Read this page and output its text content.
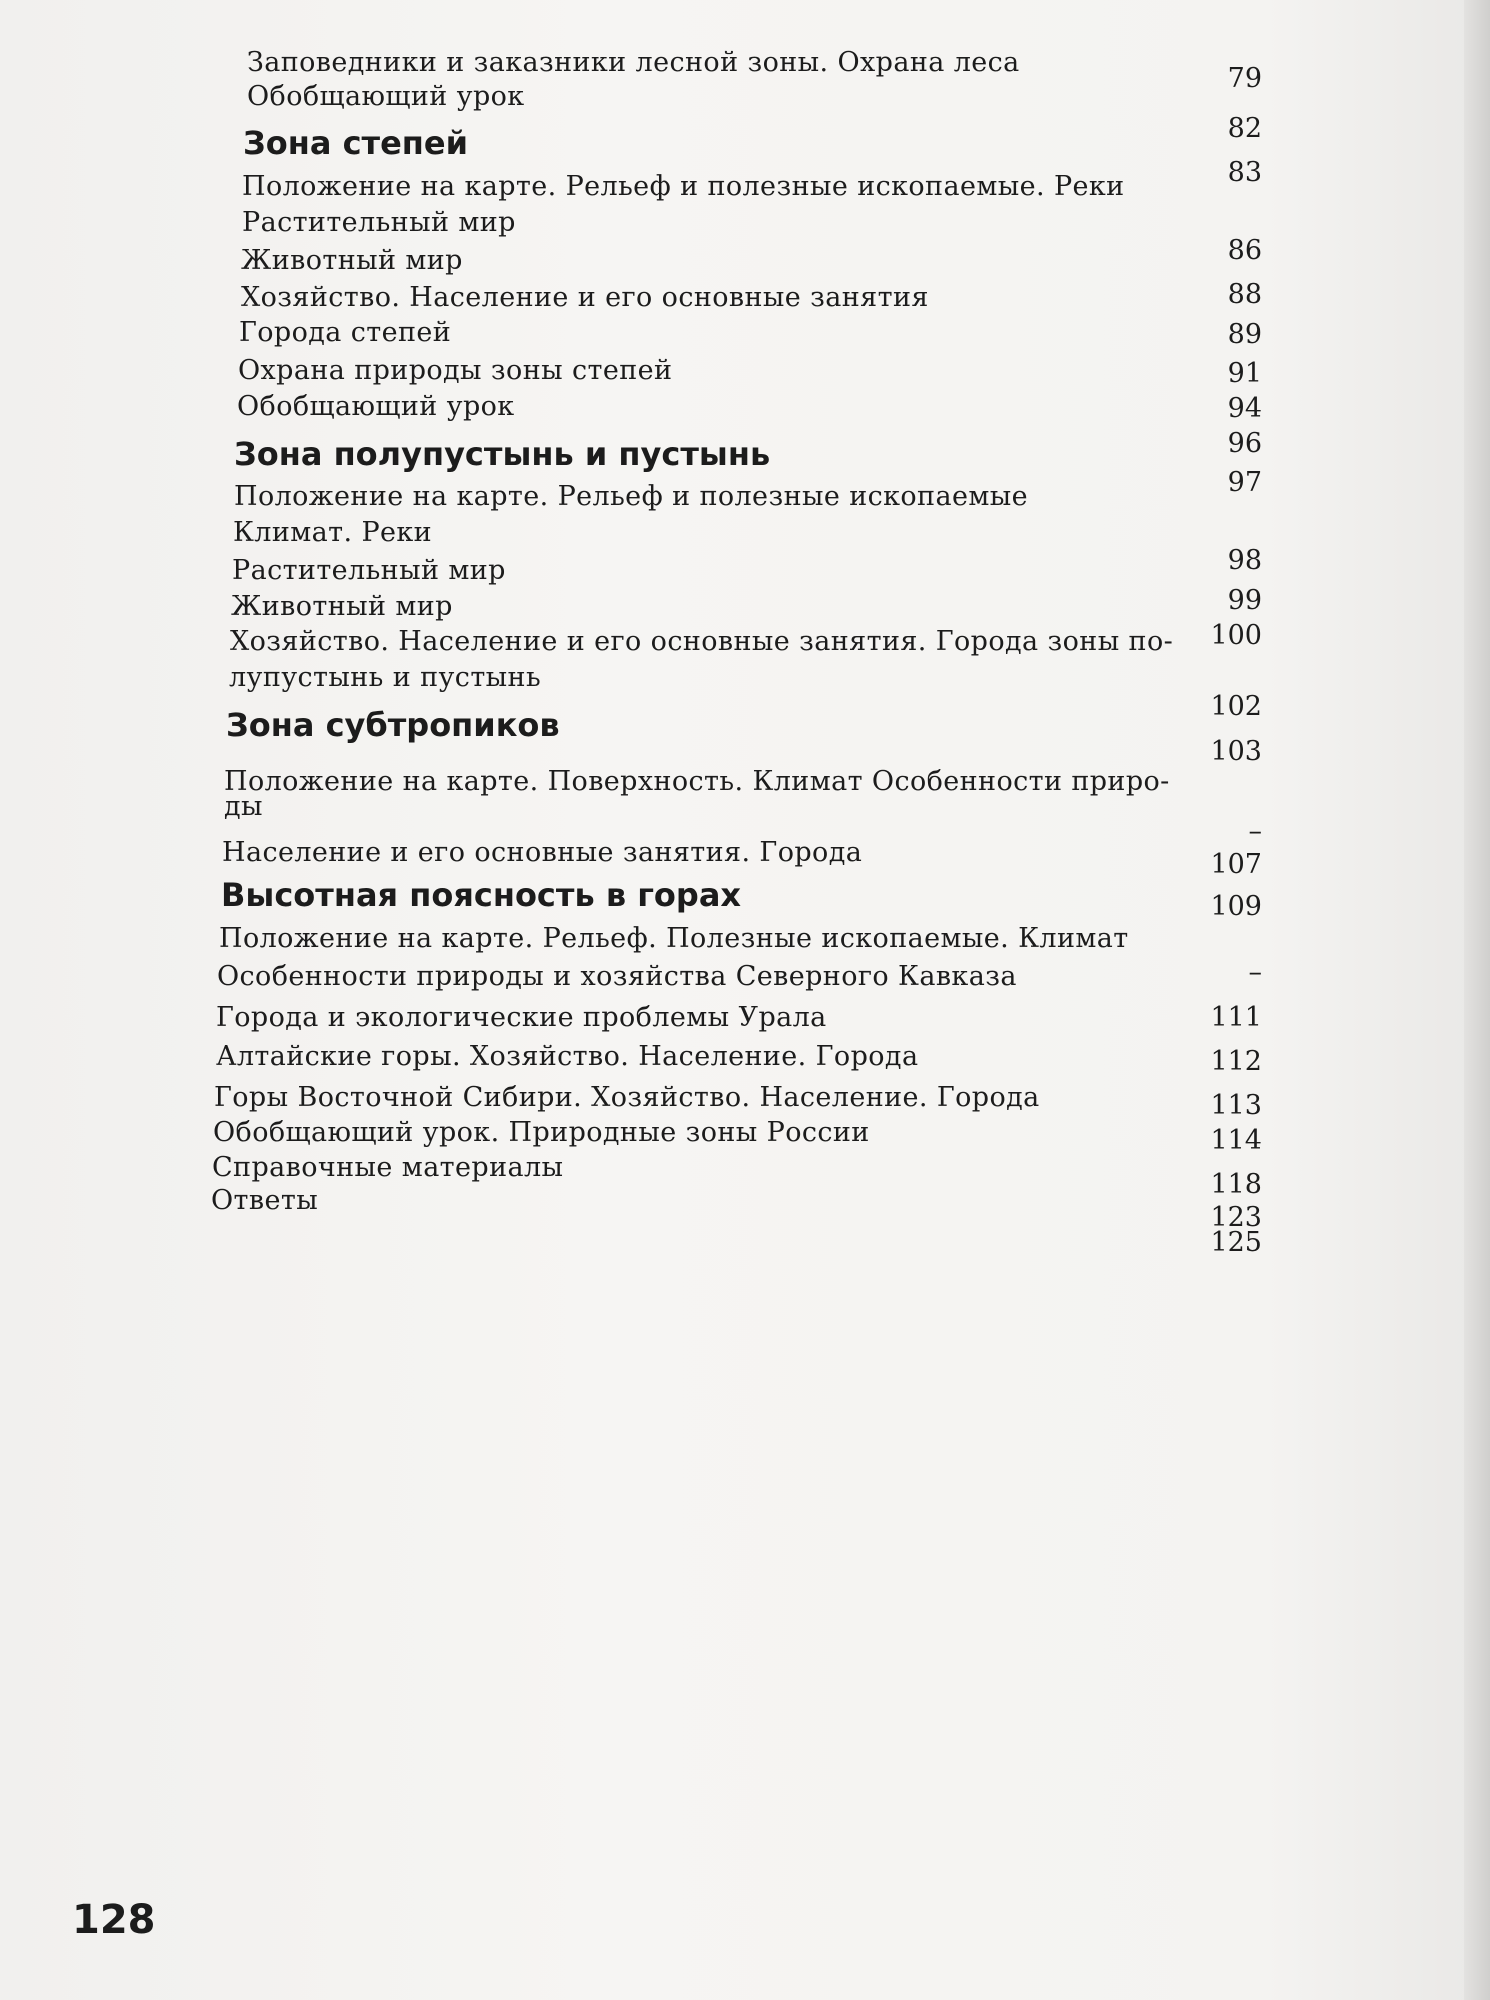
Заповедники и заказники лесной зоны. Охрана леса
79
Обобщающий урок
82
Зона степей
83
Положение на карте. Рельеф и полезные ископаемые. Реки
86
Растительный мир
88
Животный мир
89
Хозяйство. Население и его основные занятия
91
Города степей
94
Охрана природы зоны степей
96
Обобщающий урок
97
Зона полупустынь и пустынь
98
Положение на карте. Рельеф и полезные ископаемые
99
Климат. Реки
100
Растительный мир
102
Животный мир
103
Хозяйство. Население и его основные занятия. Города зоны по-
–
лупустынь и пустынь
107
Зона субтропиков
109
Положение на карте. Поверхность. Климат Особенности приро-
–
ды
111
Население и его основные занятия. Города
112
Высотная поясность в горах
113
Положение на карте. Рельеф. Полезные ископаемые. Климат
114
Особенности природы и хозяйства Северного Кавказа
118
Города и экологические проблемы Урала
123
Алтайские горы. Хозяйство. Население. Города
125
Горы Восточной Сибири. Хозяйство. Население. Города
Обобщающий урок. Природные зоны России
Справочные материалы
Ответы
128
